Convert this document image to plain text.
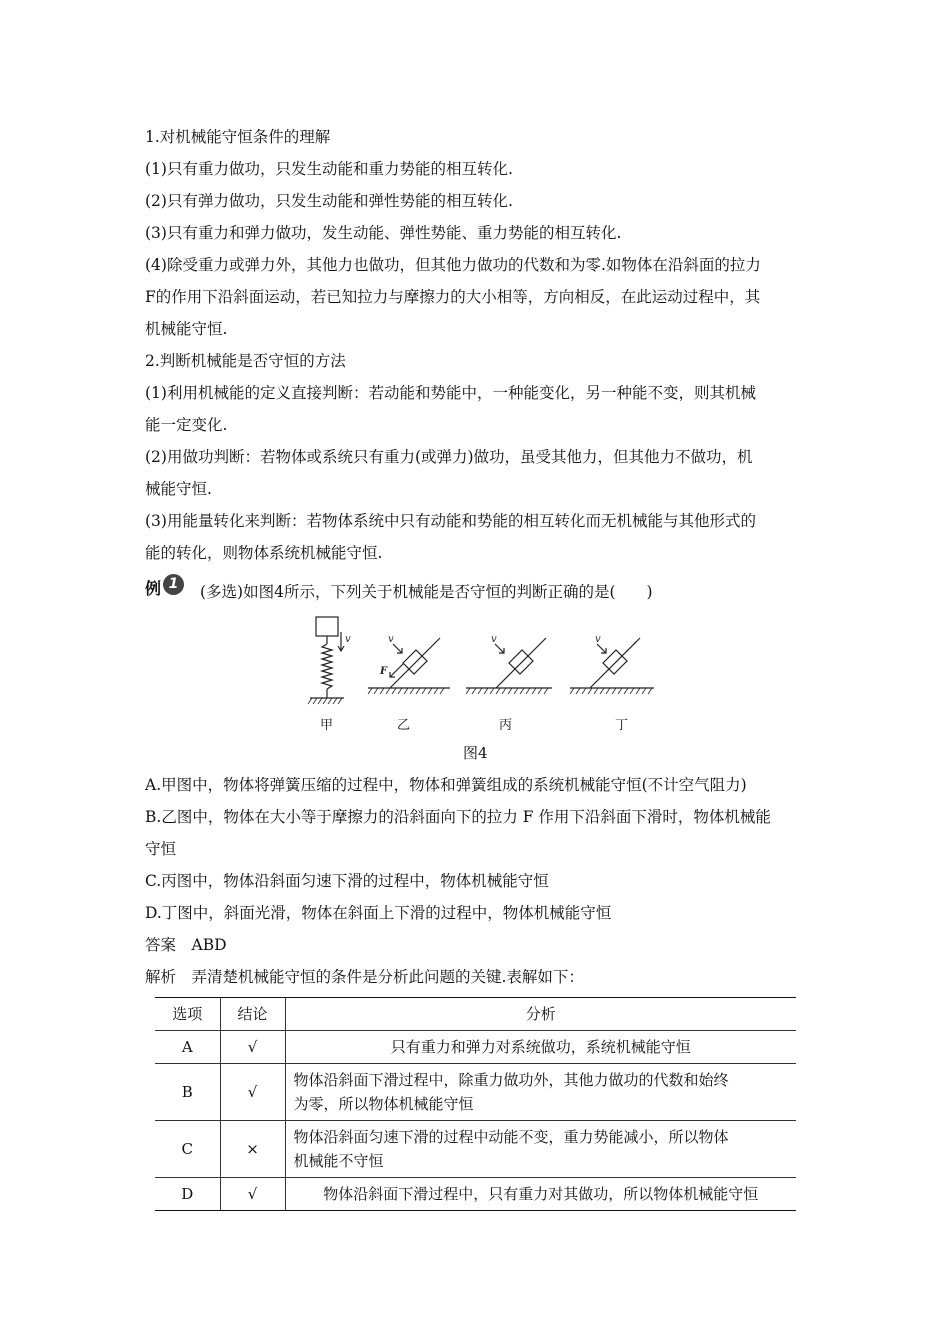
1.对机械能守恒条件的理解
(1)只有重力做功，只发生动能和重力势能的相互转化.
(2)只有弹力做功，只发生动能和弹性势能的相互转化.
(3)只有重力和弹力做功，发生动能、弹性势能、重力势能的相互转化.
(4)除受重力或弹力外，其他力也做功，但其他力做功的代数和为零.如物体在沿斜面的拉力
F的作用下沿斜面运动，若已知拉力与摩擦力的大小相等，方向相反，在此运动过程中，其
机械能守恒.
2.判断机械能是否守恒的方法
(1)利用机械能的定义直接判断：若动能和势能中，一种能变化，另一种能不变，则其机械
能一定变化.
(2)用做功判断：若物体或系统只有重力(或弹力)做功，虽受其他力，但其他力不做功，机
械能守恒.
(3)用能量转化来判断：若物体系统中只有动能和势能的相互转化而无机械能与其他形式的
能的转化，则物体系统机械能守恒.
例 1	(多选)如图4所示，下列关于机械能是否守恒的判断正确的是(　　)
v	v
F
v	v
甲	乙	丙	丁
图4
A.甲图中，物体将弹簧压缩的过程中，物体和弹簧组成的系统机械能守恒(不计空气阻力)
B.乙图中，物体在大小等于摩擦力的沿斜面向下的拉力 F 作用下沿斜面下滑时，物体机械能
守恒
C.丙图中，物体沿斜面匀速下滑的过程中，物体机械能守恒
D.丁图中，斜面光滑，物体在斜面上下滑的过程中，物体机械能守恒
答案　ABD
解析　弄清楚机械能守恒的条件是分析此问题的关键.表解如下：
选项	结论	分析
A	√	只有重力和弹力对系统做功，系统机械能守恒
B	√	物体沿斜面下滑过程中，除重力做功外，其他力做功的代数和始终
为零，所以物体机械能守恒

C	×	物体沿斜面匀速下滑的过程中动能不变，重力势能减小，所以物体
机械能不守恒

D	√	物体沿斜面下滑过程中，只有重力对其做功，所以物体机械能守恒
